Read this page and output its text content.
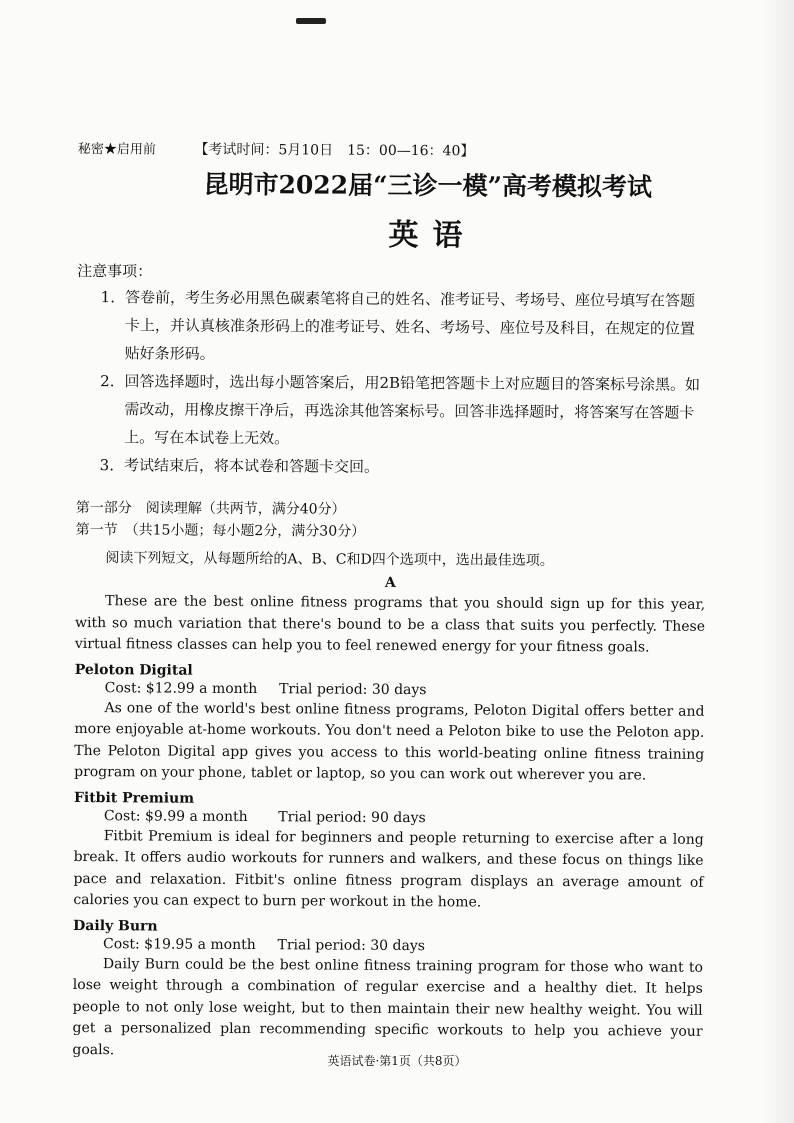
秘密★启用前	【考试时间：5月10日　15：00—16：40】
昆明市2022届“三诊一模”高考模拟考试
英语
注意事项：
1. 答卷前，考生务必用黑色碳素笔将自己的姓名、准考证号、考场号、座位号填写在答题卡上，并认真核准条形码上的准考证号、姓名、考场号、座位号及科目，在规定的位置贴好条形码。
2. 回答选择题时，选出每小题答案后，用2B铅笔把答题卡上对应题目的答案标号涂黑。如需改动，用橡皮擦干净后，再选涂其他答案标号。回答非选择题时，将答案写在答题卡上。写在本试卷上无效。
3. 考试结束后，将本试卷和答题卡交回。
第一部分　阅读理解（共两节，满分40分）
第一节　（共15小题；每小题2分，满分30分）
阅读下列短文，从每题所给的A、B、C和D四个选项中，选出最佳选项。
A

These are the best online fitness programs that you should sign up for this year, with so much variation that there's bound to be a class that suits you perfectly. These virtual fitness classes can help you to feel renewed energy for your fitness goals.

Peloton Digital
Cost: $12.99 a month Trial period: 30 days

As one of the world's best online fitness programs, Peloton Digital offers better and more enjoyable at-home workouts. You don't need a Peloton bike to use the Peloton app. The Peloton Digital app gives you access to this world-beating online fitness training program on your phone, tablet or laptop, so you can work out wherever you are.

Fitbit Premium
Cost: $9.99 a month Trial period: 90 days

Fitbit Premium is ideal for beginners and people returning to exercise after a long break. It offers audio workouts for runners and walkers, and these focus on things like pace and relaxation. Fitbit's online fitness program displays an average amount of calories you can expect to burn per workout in the home.

Daily Burn
Cost: $19.95 a month Trial period: 30 days

Daily Burn could be the best online fitness training program for those who want to lose weight through a combination of regular exercise and a healthy diet. It helps people to not only lose weight, but to then maintain their new healthy weight. You will get a personalized plan recommending specific workouts to help you achieve your goals.

英语试卷·第1页（共8页）
